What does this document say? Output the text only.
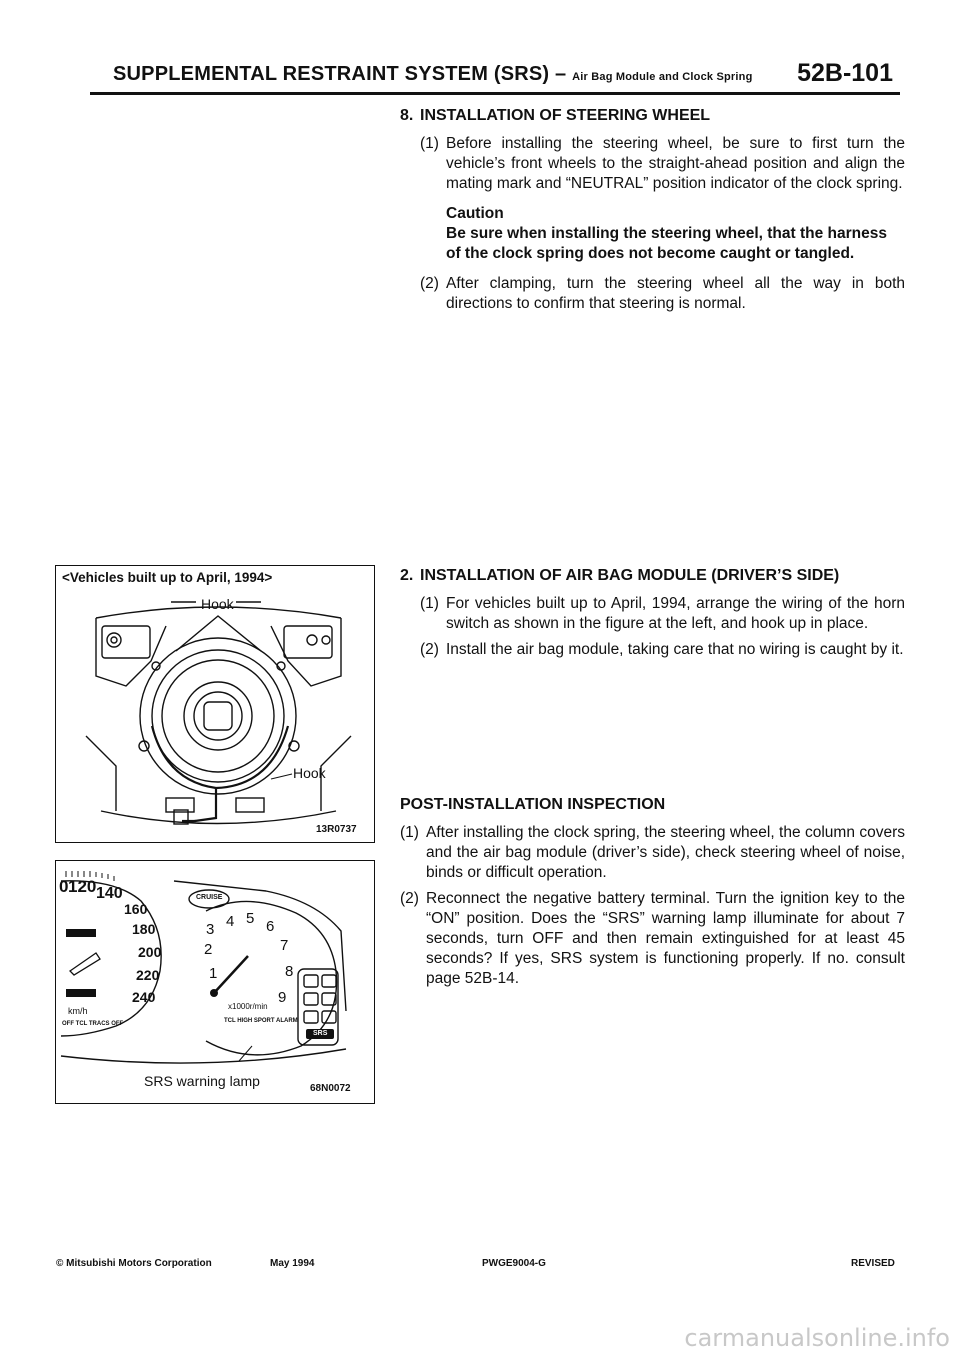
SUPPLEMENTAL RESTRAINT SYSTEM (SRS) – Air Bag Module and Clock Spring 52B-101
8. INSTALLATION OF STEERING WHEEL
(1) Before installing the steering wheel, be sure to first turn the vehicle’s front wheels to the straight-ahead position and align the mating mark and “NEUTRAL” position indicator of the clock spring.
Caution
Be sure when installing the steering wheel, that the harness of the clock spring does not become caught or tangled.
(2) After clamping, turn the steering wheel all the way in both directions to confirm that steering is normal.
2. INSTALLATION OF AIR BAG MODULE (DRIVER’S SIDE)
(1) For vehicles built up to April, 1994, arrange the wiring of the horn switch as shown in the figure at the left, and hook up in place.
(2) Install the air bag module, taking care that no wiring is caught by it.
POST-INSTALLATION INSPECTION
(1) After installing the clock spring, the steering wheel, the column covers and the air bag module (driver’s side), check steering wheel of noise, binds or difficult operation.
(2) Reconnect the negative battery terminal. Turn the ignition key to the “ON” position. Does the “SRS” warning lamp illuminate for about 7 seconds, turn OFF and then remain extinguished for at least 45 seconds? If yes, SRS system is functioning properly. If no. consult page 52B-14.
<Vehicles built up to April, 1994>
Hook
Hook
13R0737
0 120 140
160
180
200
220
240
km/h
OFF TCL TRACS OFF
1
2
3 4 5 6
7
8
9
x1000r/min
CRUISE
TCL HIGH SPORT ALARM
SRS
SRS warning lamp	68N0072
© Mitsubishi Motors Corporation	May 1994	PWGE9004-G	REVISED
carmanualsonline.info
